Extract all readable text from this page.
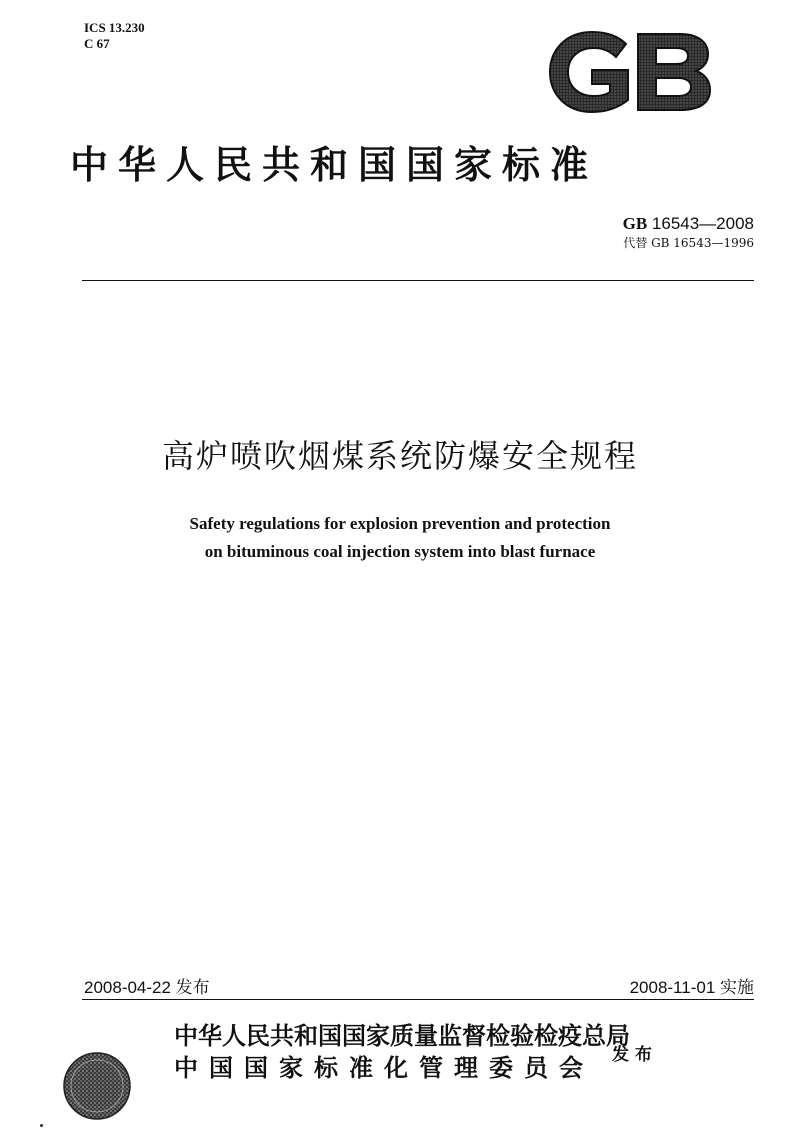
ICS 13.230
C 67
中华人民共和国国家标准
GB 16543—2008
代替 GB 16543—1996
高炉喷吹烟煤系统防爆安全规程
Safety regulations for explosion prevention and protection
on bituminous coal injection system into blast furnace
2008-04-22 发布	2008-11-01 实施
中华人民共和国国家质量监督检验检疫总局
中国国家标准化管理委员会	发布
